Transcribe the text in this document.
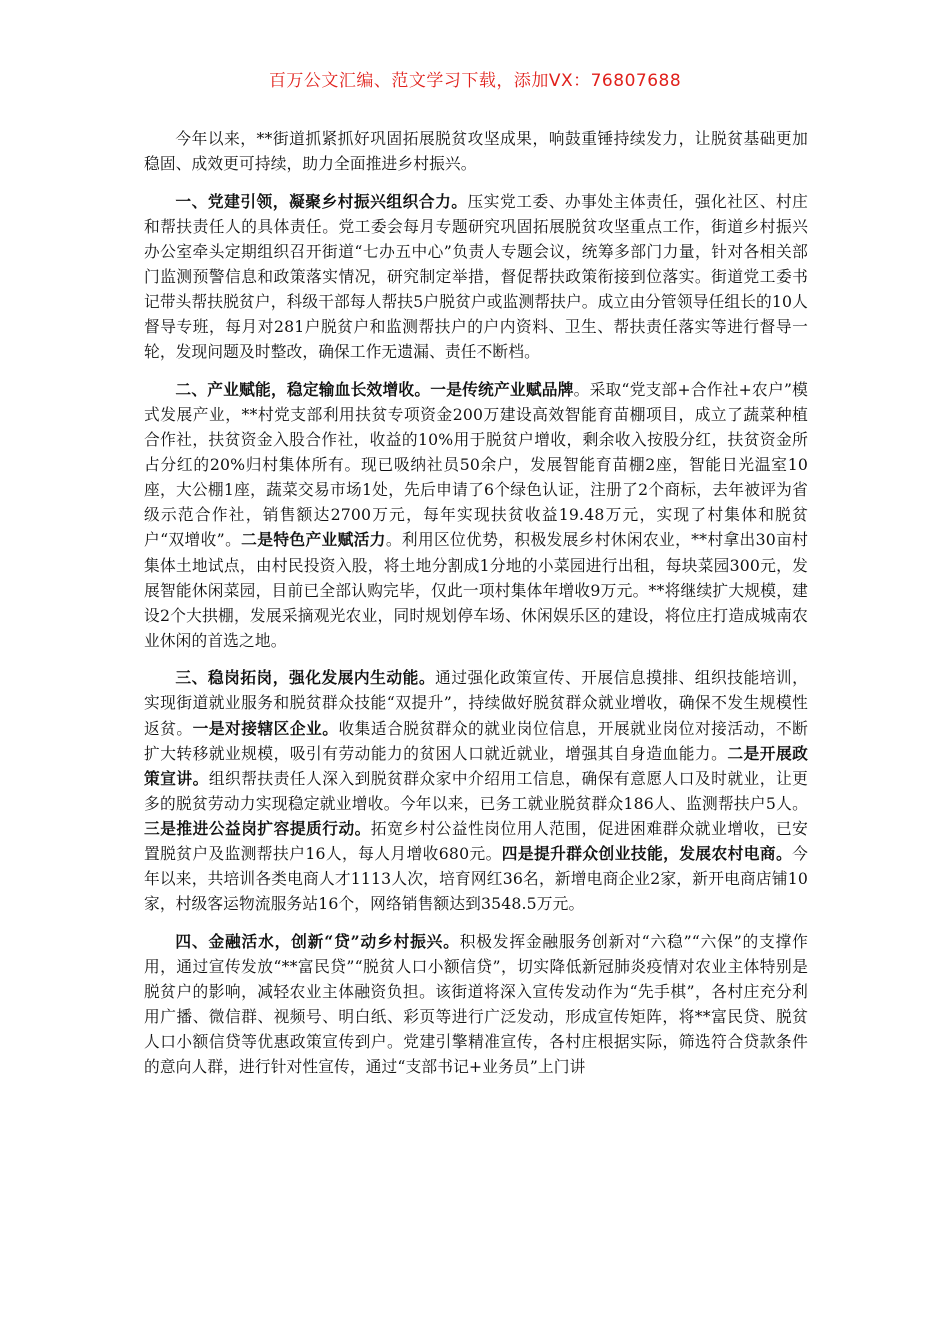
百万公文汇编、范文学习下载，添加VX：76807688

今年以来，**街道抓紧抓好巩固拓展脱贫攻坚成果，响鼓重锤持续发力，让脱贫基础更加稳固、成效更可持续，助力全面推进乡村振兴。

一、党建引领，凝聚乡村振兴组织合力。压实党工委、办事处主体责任，强化社区、村庄和帮扶责任人的具体责任。党工委会每月专题研究巩固拓展脱贫攻坚重点工作，街道乡村振兴办公室牵头定期组织召开街道“七办五中心”负责人专题会议，统筹多部门力量，针对各相关部门监测预警信息和政策落实情况，研究制定举措，督促帮扶政策衔接到位落实。街道党工委书记带头帮扶脱贫户，科级干部每人帮扶5户脱贫户或监测帮扶户。成立由分管领导任组长的10人督导专班，每月对281户脱贫户和监测帮扶户的户内资料、卫生、帮扶责任落实等进行督导一轮，发现问题及时整改，确保工作无遗漏、责任不断档。

二、产业赋能，稳定输血长效增收。一是传统产业赋品牌。采取“党支部+合作社+农户”模式发展产业，**村党支部利用扶贫专项资金200万建设高效智能育苗棚项目，成立了蔬菜种植合作社，扶贫资金入股合作社，收益的10%用于脱贫户增收，剩余收入按股分红，扶贫资金所占分红的20%归村集体所有。现已吸纳社员50余户，发展智能育苗棚2座，智能日光温室10座，大公棚1座，蔬菜交易市场1处，先后申请了6个绿色认证，注册了2个商标，去年被评为省级示范合作社，销售额达2700万元，每年实现扶贫收益19.48万元，实现了村集体和脱贫户“双增收”。二是特色产业赋活力。利用区位优势，积极发展乡村休闲农业，**村拿出30亩村集体土地试点，由村民投资入股，将土地分割成1分地的小菜园进行出租，每块菜园300元，发展智能休闲菜园，目前已全部认购完毕，仅此一项村集体年增收9万元。**将继续扩大规模，建设2个大拱棚，发展采摘观光农业，同时规划停车场、休闲娱乐区的建设，将位庄打造成城南农业休闲的首选之地。

三、稳岗拓岗，强化发展内生动能。通过强化政策宣传、开展信息摸排、组织技能培训，实现街道就业服务和脱贫群众技能“双提升”，持续做好脱贫群众就业增收，确保不发生规模性返贫。一是对接辖区企业。收集适合脱贫群众的就业岗位信息，开展就业岗位对接活动，不断扩大转移就业规模，吸引有劳动能力的贫困人口就近就业，增强其自身造血能力。二是开展政策宣讲。组织帮扶责任人深入到脱贫群众家中介绍用工信息，确保有意愿人口及时就业，让更多的脱贫劳动力实现稳定就业增收。今年以来，已务工就业脱贫群众186人、监测帮扶户5人。三是推进公益岗扩容提质行动。拓宽乡村公益性岗位用人范围，促进困难群众就业增收，已安置脱贫户及监测帮扶户16人，每人月增收680元。四是提升群众创业技能，发展农村电商。今年以来，共培训各类电商人才1113人次，培育网红36名，新增电商企业2家，新开电商店铺10家，村级客运物流服务站16个，网络销售额达到3548.5万元。

四、金融活水，创新“贷”动乡村振兴。积极发挥金融服务创新对“六稳”“六保”的支撑作用，通过宣传发放“**富民贷”“脱贫人口小额信贷”，切实降低新冠肺炎疫情对农业主体特别是脱贫户的影响，减轻农业主体融资负担。该街道将深入宣传发动作为“先手棋”，各村庄充分利用广播、微信群、视频号、明白纸、彩页等进行广泛发动，形成宣传矩阵，将**富民贷、脱贫人口小额信贷等优惠政策宣传到户。党建引擎精准宣传，各村庄根据实际，筛选符合贷款条件的意向人群，进行针对性宣传，通过“支部书记+业务员”上门讲
